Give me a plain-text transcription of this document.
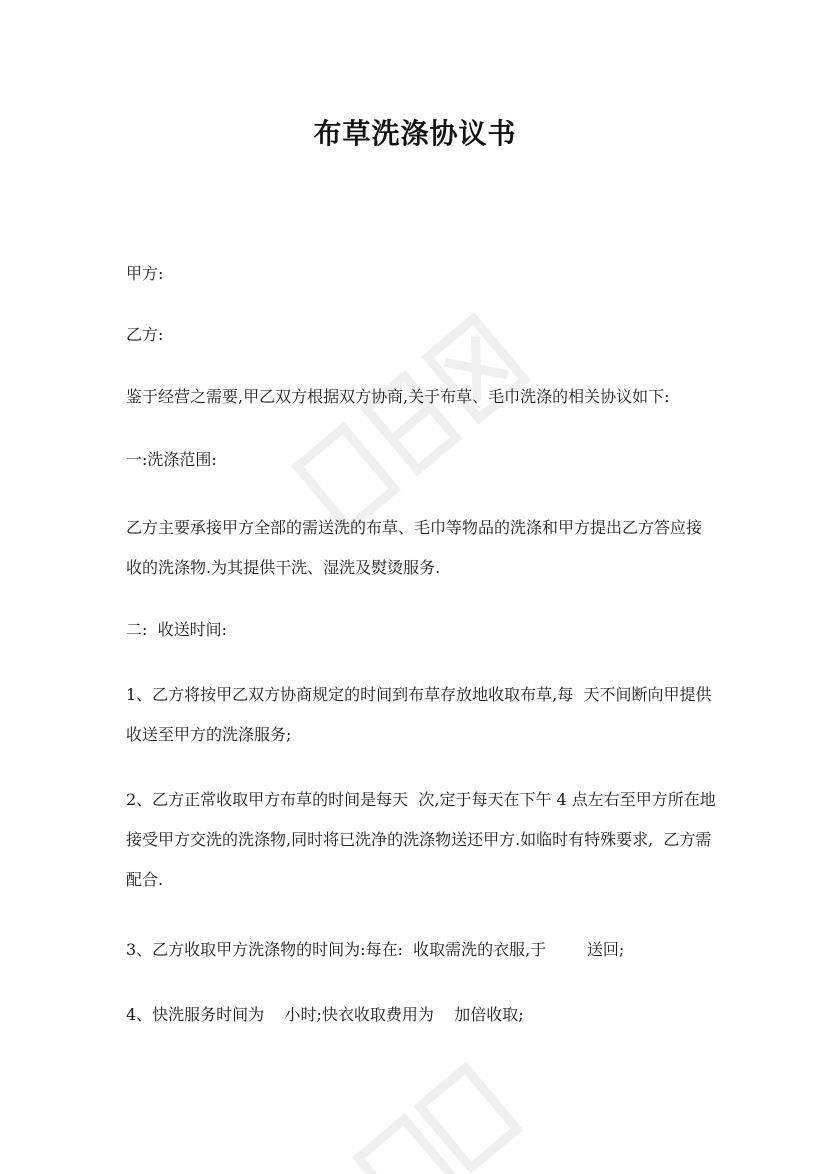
布草洗涤协议书

甲方:

乙方:

鉴于经营之需要,甲乙双方根据双方协商,关于布草、毛巾洗涤的相关协议如下:

一:洗涤范围:

乙方主要承接甲方全部的需送洗的布草、毛巾等物品的洗涤和甲方提出乙方答应接收的洗涤物.为其提供干洗、湿洗及熨烫服务.

二:  收送时间:

1、乙方将按甲乙双方协商规定的时间到布草存放地收取布草,每  天不间断向甲提供收送至甲方的洗涤服务;

2、乙方正常收取甲方布草的时间是每天  次,定于每天在下午 4 点左右至甲方所在地接受甲方交洗的洗涤物,同时将已洗净的洗涤物送还甲方.如临时有特殊要求,  乙方需配合.

3、乙方收取甲方洗涤物的时间为:每在:  收取需洗的衣服,于        送回;

4、快洗服务时间为    小时;快衣收取费用为    加倍收取;
